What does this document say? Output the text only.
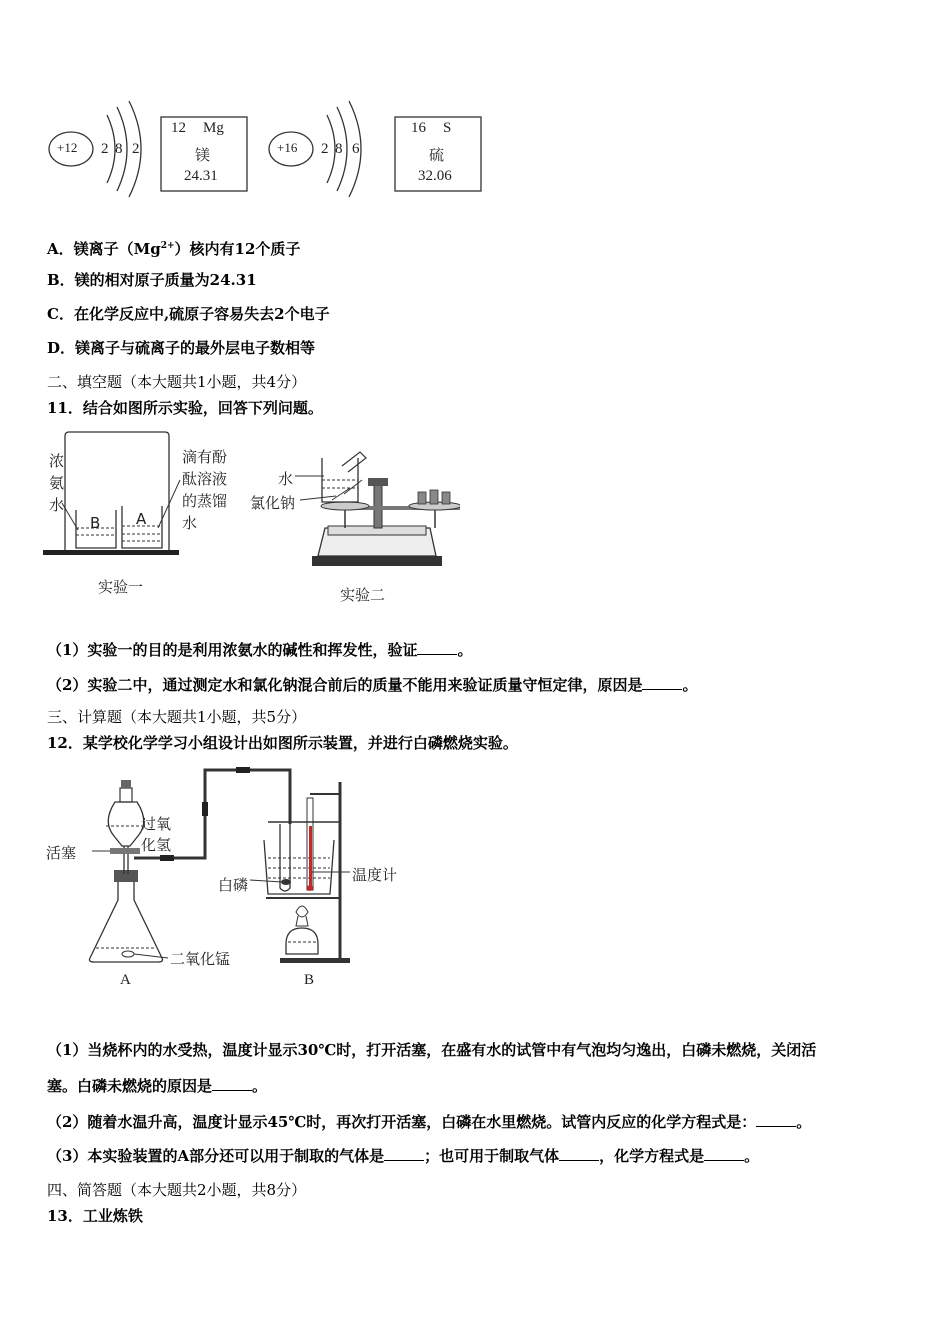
+12 2 8 2
12 Mg
镁
24.31
+16 2 8 6
16 S
硫
32.06
A．镁离子$(Mg^{2+})$核内有12个质子
B．镁的相对原子质量为24.31
C．在化学反应中,硫原子容易失去2个电子
D．镁离子与硫离子的最外层电子数相等
二、填空题（本大题共1小题，共4分）
11．结合如图所示实验，回答下列问题。
浓
氨
水
滴有酚
酞溶液
的蒸馏
水
B A
实验一
水
氯化钠
实验二
（1）实验一的目的是利用浓氨水的碱性和挥发性，验证	。
（2）实验二中，通过测定水和氯化钠混合前后的质量不能用来验证质量守恒定律，原因是	。
三、计算题（本大题共1小题，共5分）
12．某学校化学学习小组设计出如图所示装置，并进行白磷燃烧实验。
过氧
化氢
活塞
二氧化锰
白磷
温度计
A	B
（1）当烧杯内的水受热，温度计显示30℃时，打开活塞，在盛有水的试管中有气泡均匀逸出，白磷未燃烧，关闭活
塞。白磷未燃烧的原因是	。
（2）随着水温升高，温度计显示45℃时，再次打开活塞，白磷在水里燃烧。试管内反应的化学方程式是：	。
（3）本实验装置的A部分还可以用于制取的气体是	；也可用于制取气体	，化学方程式是	。
四、简答题（本大题共2小题，共8分）
13．工业炼铁
